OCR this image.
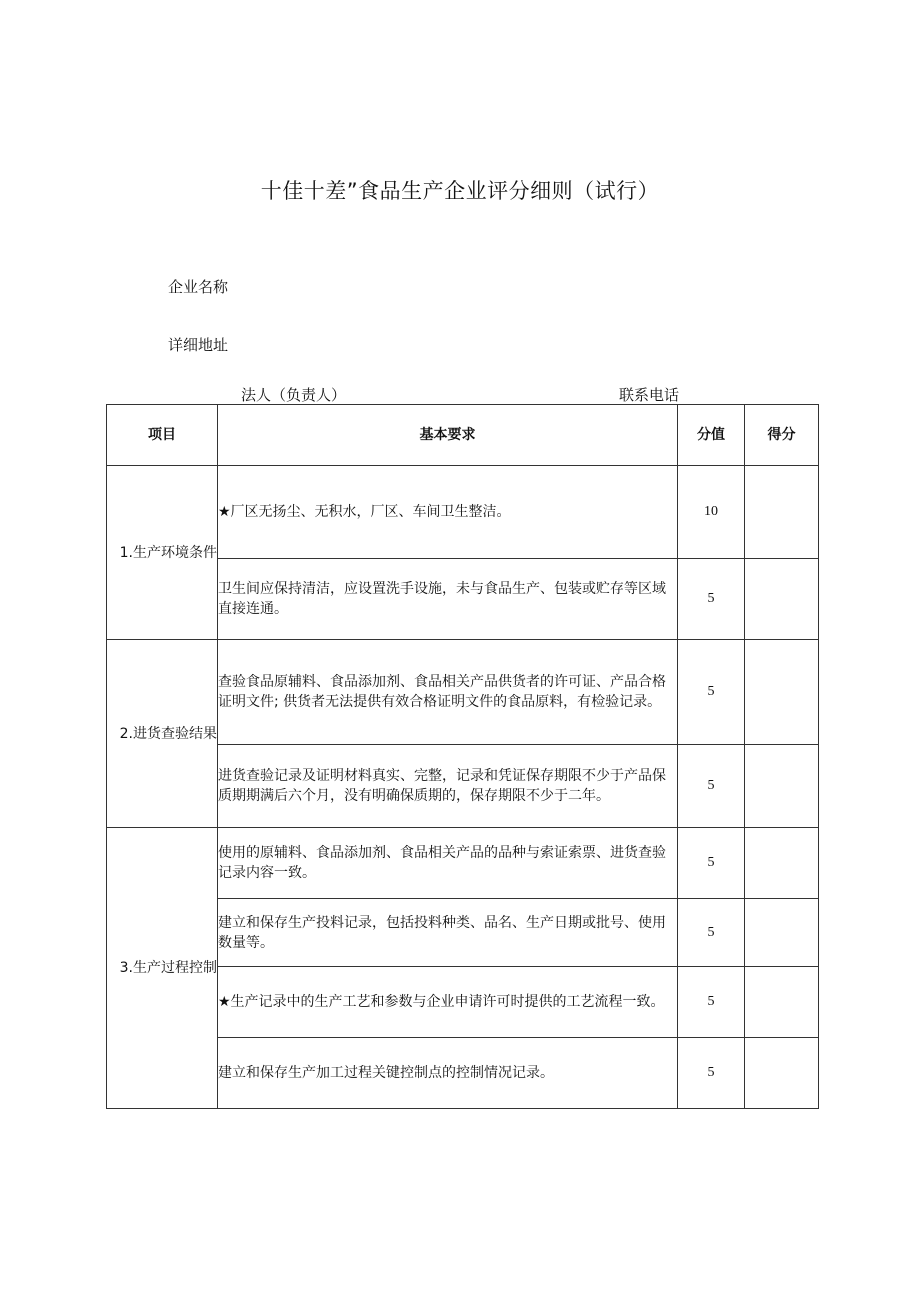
十佳十差”食品生产企业评分细则（试行）
企业名称
详细地址
法人（负责人）	联系电话
项目	基本要求	分值	得分
1.生产环境条件	★厂区无扬尘、无积水，厂区、车间卫生整洁。	10	
	卫生间应保持清洁，应设置洗手设施，未与食品生产、包装或贮存等区域直接连通。	5	
2.进货查验结果	查验食品原辅料、食品添加剂、食品相关产品供货者的许可证、产品合格证明文件; 供货者无法提供有效合格证明文件的食品原料，有检验记录。	5	
	进货查验记录及证明材料真实、完整，记录和凭证保存期限不少于产品保质期期满后六个月，没有明确保质期的，保存期限不少于二年。	5	
3.生产过程控制	使用的原辅料、食品添加剂、食品相关产品的品种与索证索票、进货查验记录内容一致。	5	
	建立和保存生产投料记录，包括投料种类、品名、生产日期或批号、使用数量等。	5	
	★生产记录中的生产工艺和参数与企业申请许可时提供的工艺流程一致。	5	
	建立和保存生产加工过程关键控制点的控制情况记录。	5	
